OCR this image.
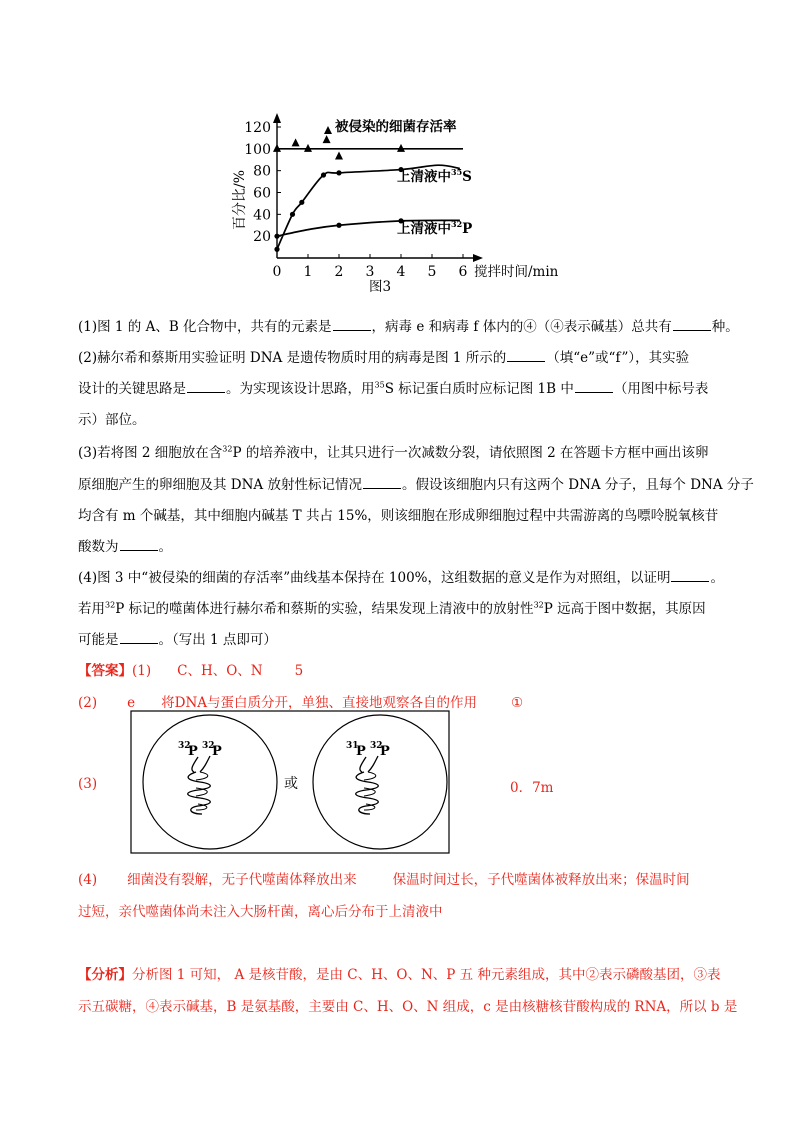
20
40
60
80
100
120
0 1 2 3 4 5 6
百分比/%
被侵染的细菌存活率
上清液中$^{35}$S
上清液中$^{32}$P
搅拌时间/min
图3
(1)图 1 的 A、B 化合物中，共有的元素是	，病毒 e 和病毒 f 体内的④（④表示碱基）总共有	种。
(2)赫尔希和蔡斯用实验证明 DNA 是遗传物质时用的病毒是图 1 所示的	（填“e”或“f”），其实验
设计的关键思路是	。为实现该设计思路，用$^{35}$S 标记蛋白质时应标记图 1B 中	（用图中标号表
示）部位。
(3)若将图 2 细胞放在含$^{32}$P 的培养液中，让其只进行一次减数分裂，请依照图 2 在答题卡方框中画出该卵
原细胞产生的卵细胞及其 DNA 放射性标记情况	。假设该细胞内只有这两个 DNA 分子，且每个 DNA 分子
均含有 m 个碱基，其中细胞内碱基 T 共占 15%，则该细胞在形成卵细胞过程中共需游离的鸟嘌呤脱氧核苷
酸数为	。
(4)图 3 中“被侵染的细菌的存活率”曲线基本保持在 100%，这组数据的意义是作为对照组，以证明	。
若用$^{32}$P 标记的噬菌体进行赫尔希和蔡斯的实验，结果发现上清液中的放射性$^{32}$P 远高于图中数据，其原因
可能是	。（写出 1 点即可）
【答案】(1) C、H、O、N 5
(2) e 将DNA与蛋白质分开，单独、直接地观察各自的作用	①
(3)
32
P 32
P
或
31
P 32
P
0．7m
(4) 细菌没有裂解，无子代噬菌体释放出来	保温时间过长，子代噬菌体被释放出来；保温时间
过短，亲代噬菌体尚未注入大肠杆菌，离心后分布于上清液中
【分析】分析图 1 可知， A 是核苷酸，是由 C、H、O、N、P 五 种元素组成，其中②表示磷酸基团，③表
示五碳糖，④表示碱基，B 是氨基酸，主要由 C、H、O、N 组成，c 是由核糖核苷酸构成的 RNA，所以 b 是
